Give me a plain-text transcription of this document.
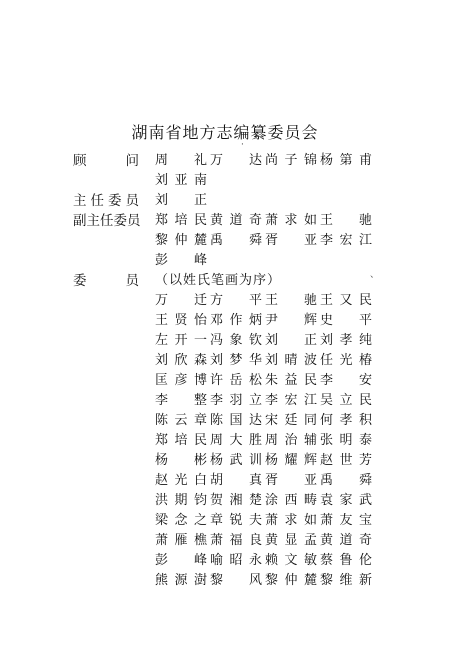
湖南省地方志编纂委员会
顾问 周礼 万达 尚子锦 杨第甫
刘亚南
主任委员 刘正
副主任委员 郑培民 黄道奇 萧求如 王驰
黎仲麓 禹舜 胥亚 李宏江
彭峰
委员 （以姓氏笔画为序）
万迁 方平 王驰 王又民
王贤怡 邓作炳 尹辉 史平
左开一 冯象钦 刘正 刘孝纯
刘欣森 刘梦华 刘晴波 任光椿
匡彦博 许岳松 朱益民 李安
李整 李羽立 李宏江 吴立民
陈云章 陈国达 宋廷同 何孝积
郑培民 周大胜 周治辅 张明泰
杨彬 杨武训 杨耀辉 赵世芳
赵光白 胡真 胥亚 禹舜
洪期钧 贺湘楚 涂西畴 袁家武
梁念之 章锐夫 萧求如 萧友宝
萧雁樵 萧福良 黄显孟 黄道奇
彭峰 喻昭永 赖文敏 蔡鲁伦
熊源澍 黎风 黎仲麓 黎维新
·
、
